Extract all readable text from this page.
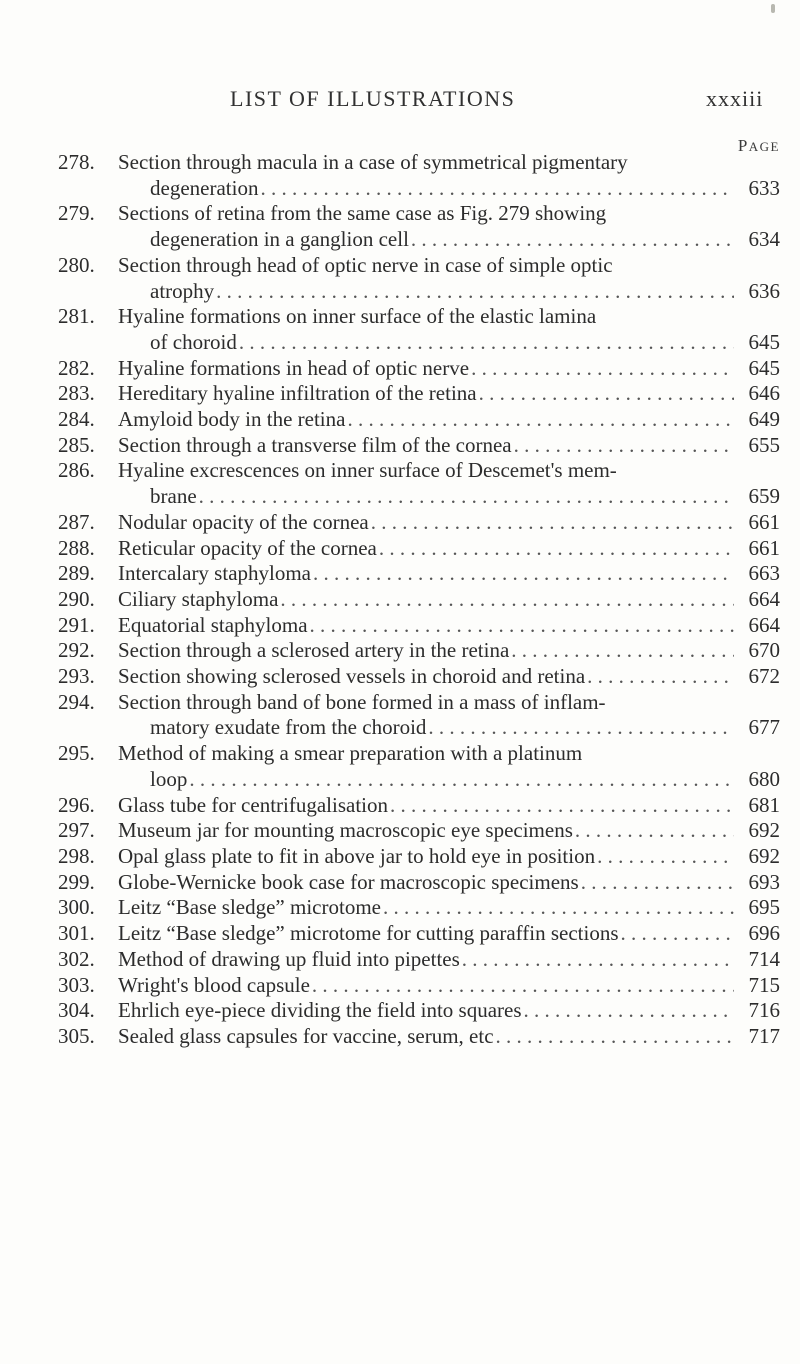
LIST OF ILLUSTRATIONS	xxxiii
PAGE
278.	Section through macula in a case of symmetrical pigmentary
degeneration . . .	633
279.	Sections of retina from the same case as Fig. 279 showing
degeneration in a ganglion cell . . .	634
280.	Section through head of optic nerve in case of simple optic
atrophy . . .	636
281.	Hyaline formations on inner surface of the elastic lamina
of choroid . . .	645
282.	Hyaline formations in head of optic nerve . . .	645
283.	Hereditary hyaline infiltration of the retina . . .	646
284.	Amyloid body in the retina . . .	649
285.	Section through a transverse film of the cornea . . .	655
286.	Hyaline excrescences on inner surface of Descemet's mem-
brane . . .	659
287.	Nodular opacity of the cornea . . .	661
288.	Reticular opacity of the cornea . . .	661
289.	Intercalary staphyloma . . .	663
290.	Ciliary staphyloma . . .	664
291.	Equatorial staphyloma . . .	664
292.	Section through a sclerosed artery in the retina . . .	670
293.	Section showing sclerosed vessels in choroid and retina . . .	672
294.	Section through band of bone formed in a mass of inflam-
matory exudate from the choroid . . .	677
295.	Method of making a smear preparation with a platinum
loop . . .	680
296.	Glass tube for centrifugalisation . . .	681
297.	Museum jar for mounting macroscopic eye specimens . . .	692
298.	Opal glass plate to fit in above jar to hold eye in position . . .	692
299.	Globe-Wernicke book case for macroscopic specimens . . .	693
300.	Leitz “Base sledge” microtome . . .	695
301.	Leitz “Base sledge” microtome for cutting paraffin sections . . .	696
302.	Method of drawing up fluid into pipettes . . .	714
303.	Wright's blood capsule . . .	715
304.	Ehrlich eye-piece dividing the field into squares . . .	716
305.	Sealed glass capsules for vaccine, serum, etc . . .	717
